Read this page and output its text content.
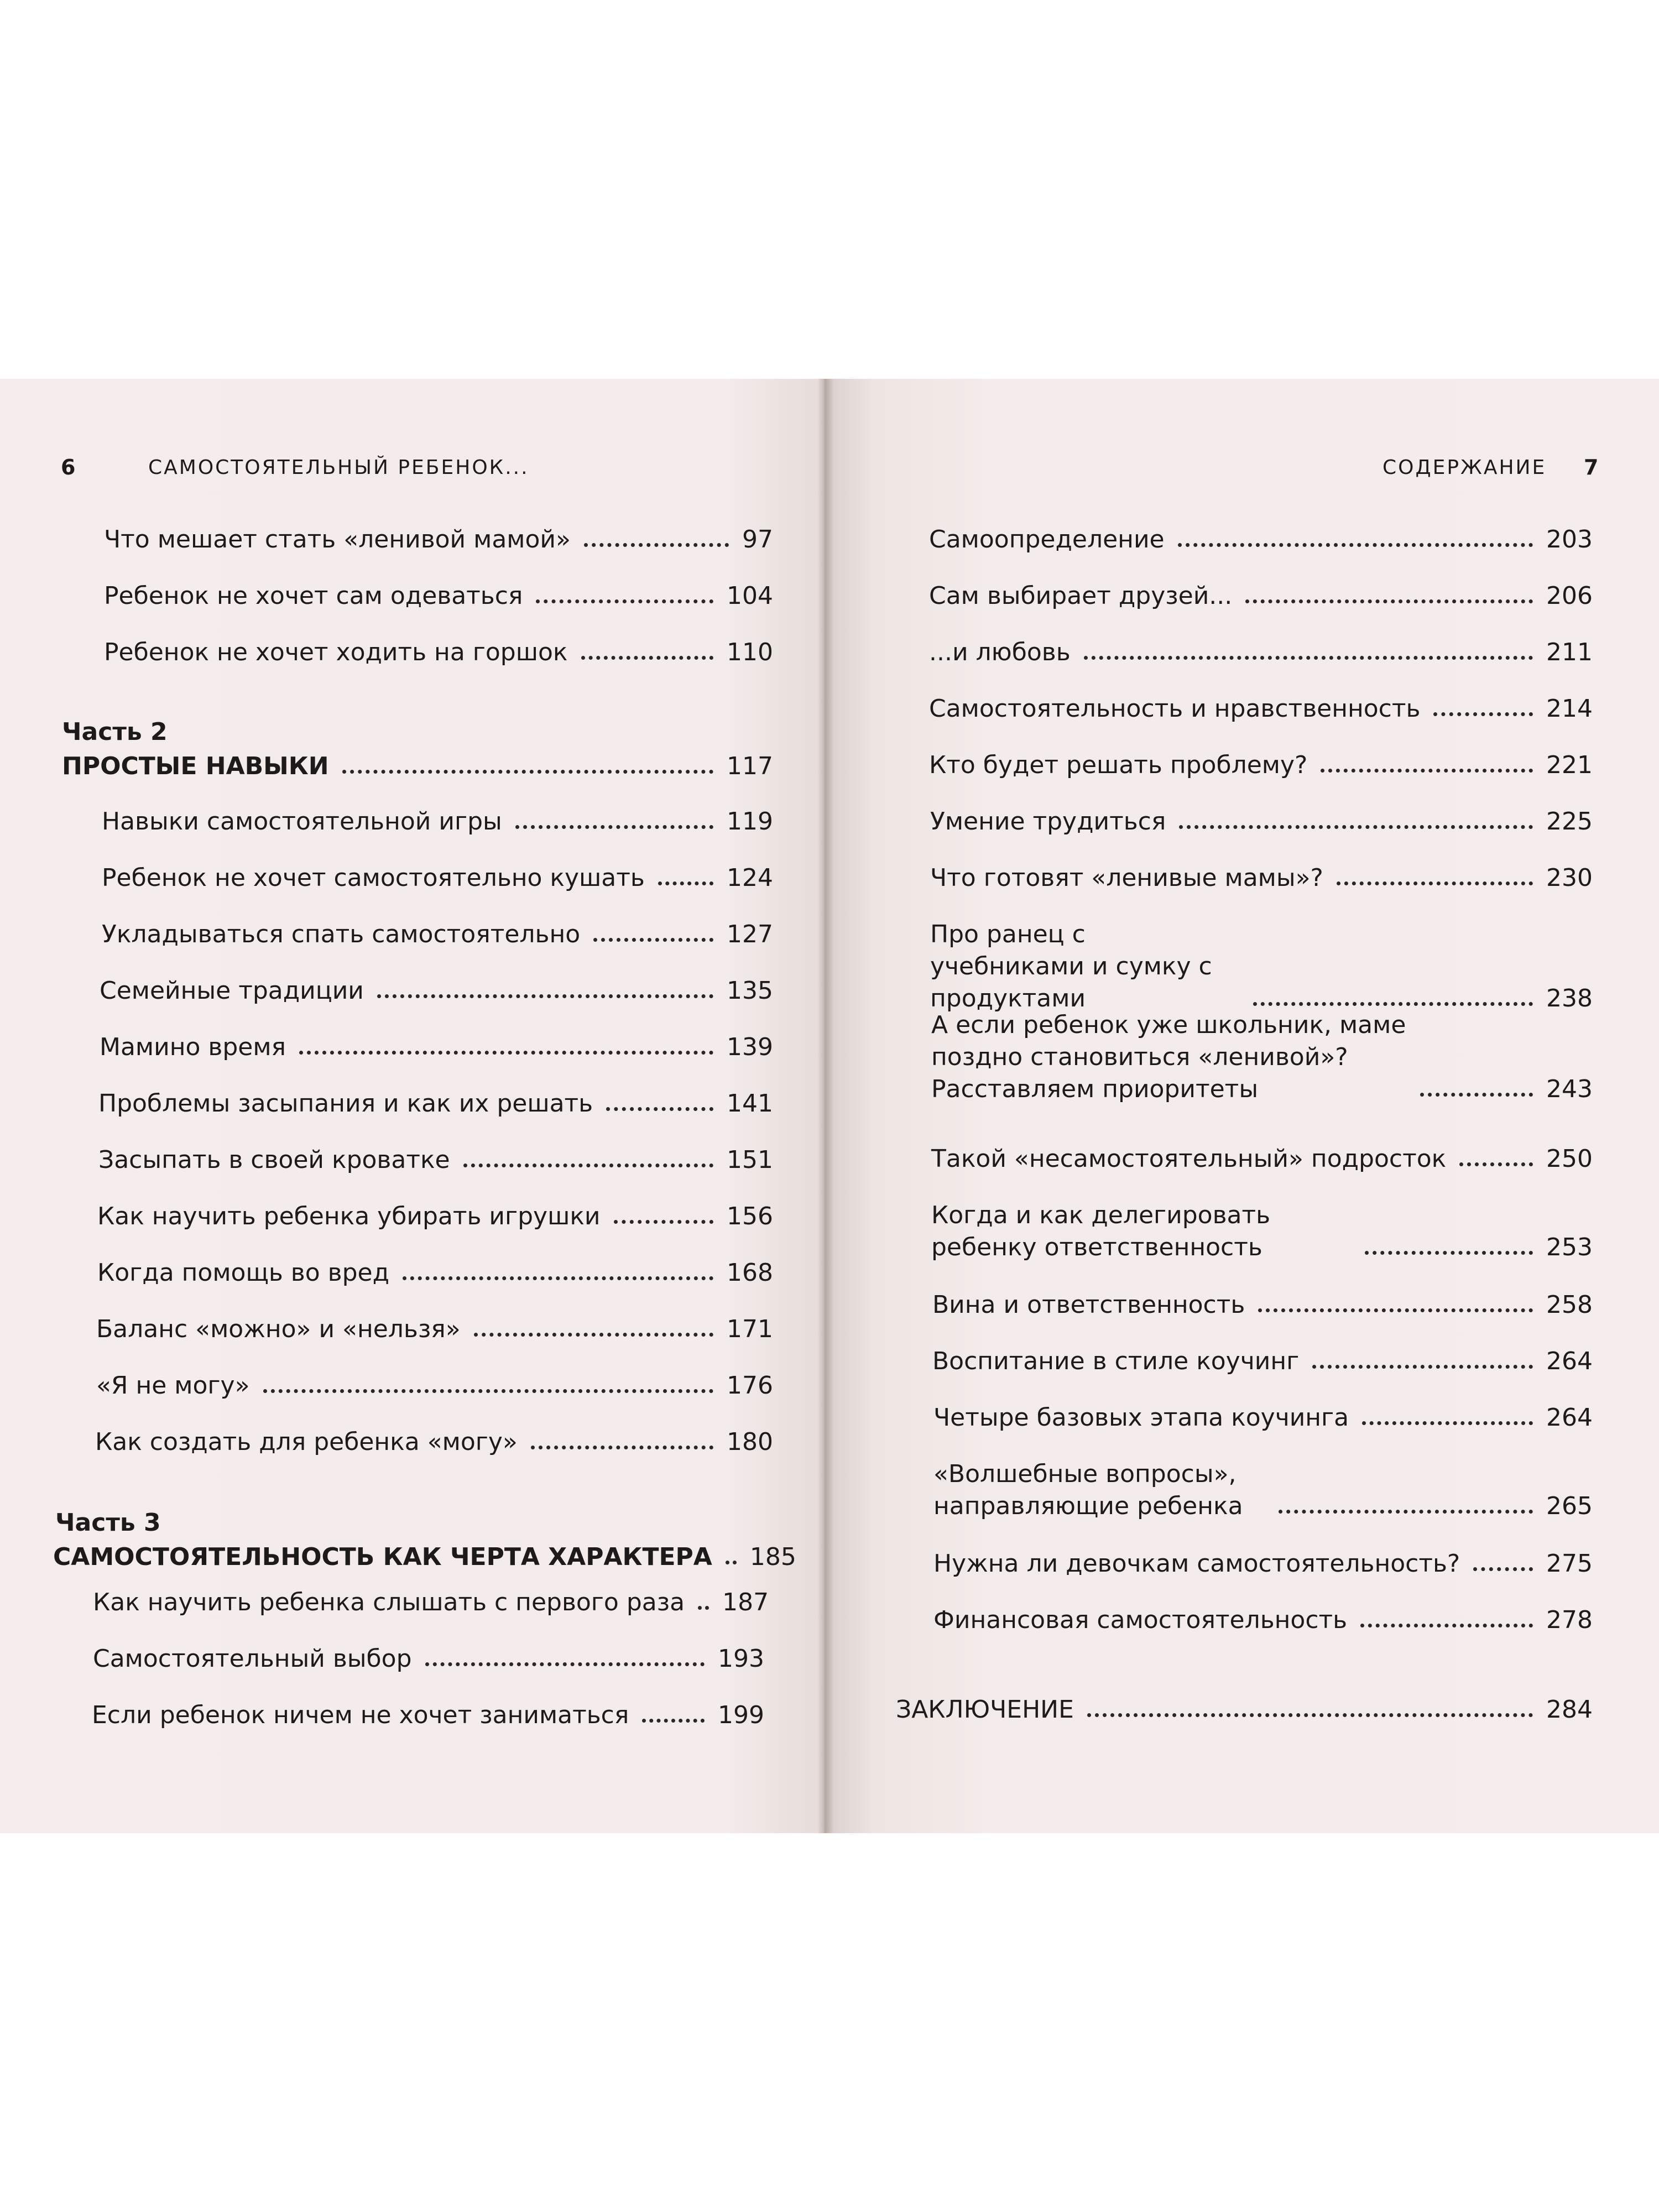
6	САМОСТОЯТЕЛЬНЫЙ РЕБЕНОК...
Что мешает стать «ленивой мамой»	97
Ребенок не хочет сам одеваться	104
Ребенок не хочет ходить на горшок	110
Часть 2
ПРОСТЫЕ НАВЫКИ	117
Навыки самостоятельной игры	119
Ребенок не хочет самостоятельно кушать	124
Укладываться спать самостоятельно	127
Семейные традиции	135
Мамино время	139
Проблемы засыпания и как их решать	141
Засыпать в своей кроватке	151
Как научить ребенка убирать игрушки	156
Когда помощь во вред	168
Баланс «можно» и «нельзя»	171
«Я не могу»	176
Как создать для ребенка «могу»	180
Часть 3
САМОСТОЯТЕЛЬНОСТЬ КАК ЧЕРТА ХАРАКТЕРА 185
Как научить ребенка слышать с первого раза 187
Самостоятельный выбор	193
Если ребенок ничем не хочет заниматься	199
СОДЕРЖАНИЕ 7
Самоопределение	203
Сам выбирает друзей...	206
...и любовь	211
Самостоятельность и нравственность	214
Кто будет решать проблему?	221
Умение трудиться	225
Что готовят «ленивые мамы»?	230
Про ранец с учебниками и сумку с продуктами	238
А если ребенок уже школьник, маме поздно становиться «ленивой»? Расставляем приоритеты	243
Такой «несамостоятельный» подросток	250
Когда и как делегировать ребенку ответственность	253
Вина и ответственность	258
Воспитание в стиле коучинг	264
Четыре базовых этапа коучинга	264
«Волшебные вопросы», направляющие ребенка	265
Нужна ли девочкам самостоятельность?	275
Финансовая самостоятельность	278
ЗАКЛЮЧЕНИЕ	284
